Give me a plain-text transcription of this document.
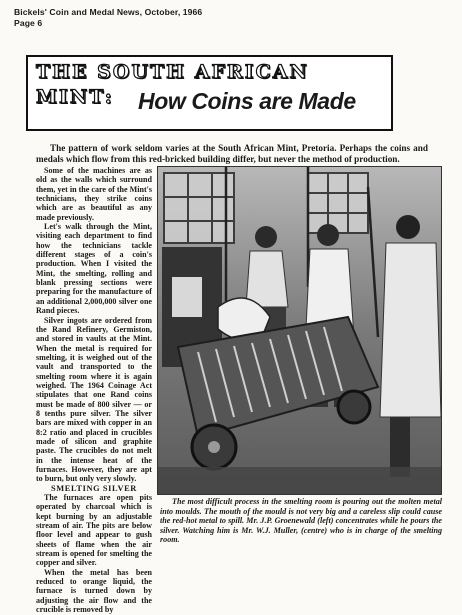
Bickels' Coin and Medal News, October, 1966
Page 6
THE SOUTH AFRICAN
MINT: How Coins are Made

The pattern of work seldom varies at the South African Mint, Pretoria. Perhaps the coins and medals which flow from this red-bricked building differ, but never the method of production.

Some of the machines are as old as the walls which surround them, yet in the care of the Mint's technicians, they strike coins which are as beautiful as any made previously.

Let's walk through the Mint, visiting each department to find how the technicians tackle different stages of a coin's production. When I visited the Mint, the smelting, rolling and blank pressing sections were preparing for the manufacture of an additional 2,000,000 silver one Rand pieces.

Silver ingots are ordered from the Rand Refinery, Germiston, and stored in vaults at the Mint. When the metal is required for smelting, it is weighed out of the vault and transported to the smelting room where it is again weighed. The 1964 Coinage Act stipulates that one Rand coins must be made of 800 silver — or 8 tenths pure silver. The silver bars are mixed with copper in an 8:2 ratio and placed in crucibles made of silicon and graphite paste. The crucibles do not melt in the intense heat of the furnaces. However, they are apt to burn, but only very slowly.

SMELTING SILVER

The furnaces are open pits operated by charcoal which is kept burning by an adjustable stream of air. The pits are below floor level and appear to gush sheets of flame when the air stream is opened for smelting the copper and silver.

When the metal has been reduced to orange liquid, the furnace is turned down by adjusting the air flow and the crucible is removed by

The most difficult process in the smelting room is pouring out the molten metal into moulds. The mouth of the mould is not very big and a careless slip could cause the red-hot metal to spill. Mr. J.P. Groenewald (left) concentrates while he pours the silver. Watching him is Mr. W.J. Muller, (centre) who is in charge of the smelting room.
